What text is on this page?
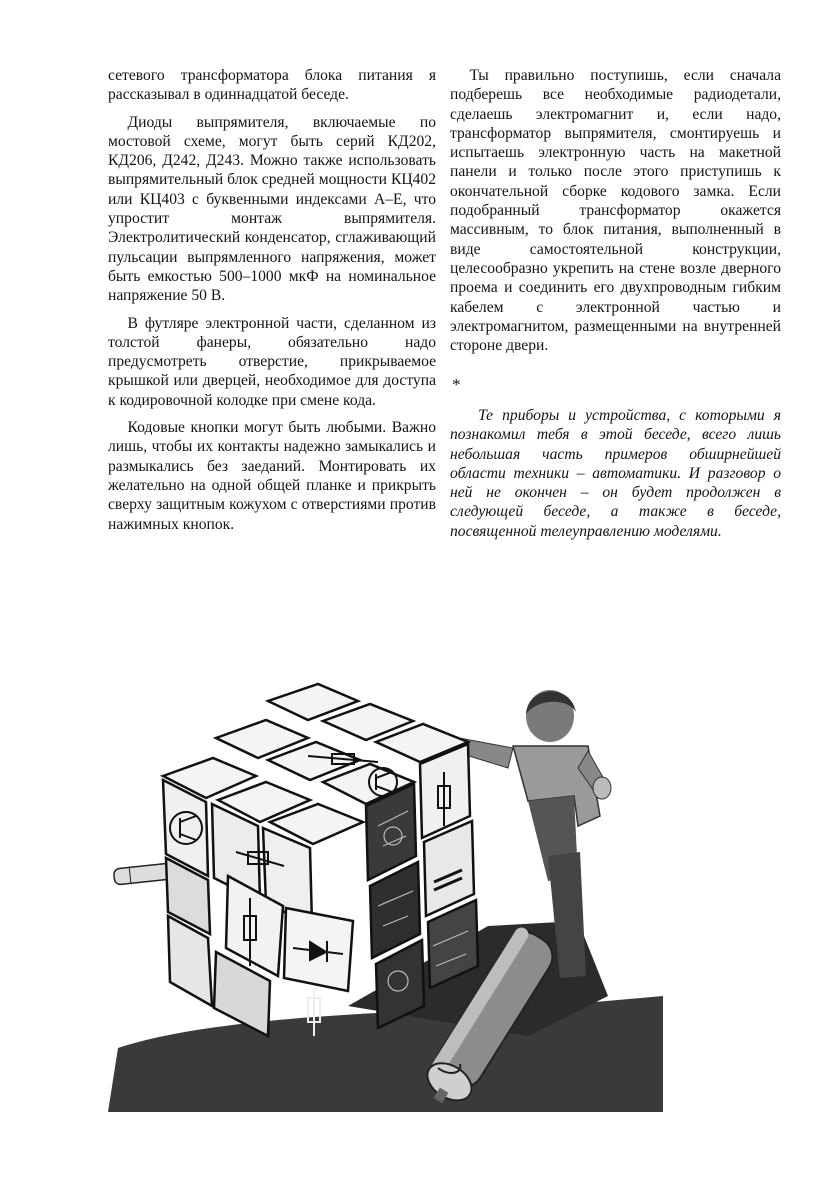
сетевого трансформатора блока питания я рассказывал в одиннадцатой беседе.

Диоды выпрямителя, включаемые по мостовой схеме, могут быть серий КД202, КД206, Д242, Д243. Можно также использовать выпрямительный блок средней мощности КЦ402 или КЦ403 с буквенными индексами А–Е, что упростит монтаж выпрямителя. Электролитический конденсатор, сглаживающий пульсации выпрямленного напряжения, может быть емкостью 500–1000 мкФ на номинальное напряжение 50 В.

В футляре электронной части, сделанном из толстой фанеры, обязательно надо предусмотреть отверстие, прикрываемое крышкой или дверцей, необходимое для доступа к кодировочной колодке при смене кода.

Кодовые кнопки могут быть любыми. Важно лишь, чтобы их контакты надежно замыкались и размыкались без заеданий. Монтировать их желательно на одной общей планке и прикрыть сверху защитным кожухом с отверстиями против нажимных кнопок.

Ты правильно поступишь, если сначала подберешь все необходимые радиодетали, сделаешь электромагнит и, если надо, трансформатор выпрямителя, смонтируешь и испытаешь электронную часть на макетной панели и только после этого приступишь к окончательной сборке кодового замка. Если подобранный трансформатор окажется массивным, то блок питания, выполненный в виде самостоятельной конструкции, целесообразно укрепить на стене возле дверного проема и соединить его двухпроводным гибким кабелем с электронной частью и электромагнитом, размещенными на внутренней стороне двери.

*

Те приборы и устройства, с которыми я познакомил тебя в этой беседе, всего лишь небольшая часть примеров обширнейшей области техники – автоматики. И разговор о ней не окончен – он будет продолжен в следующей беседе, а также в беседе, посвященной телеуправлению моделями.
